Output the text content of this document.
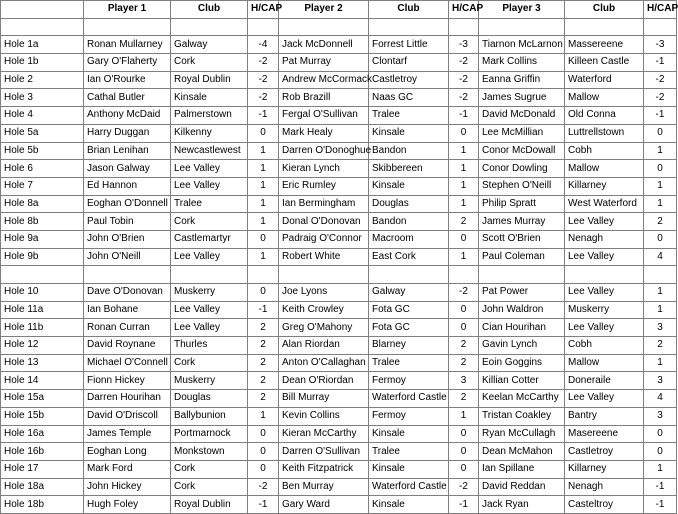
	Player 1	Club	H/CAP	Player 2	Club	H/CAP	Player 3	Club	H/CAP

Hole 1a	Ronan Mullarney	Galway	-4	Jack McDonnell	Forrest Little	-3	Tiarnon McLarnon	Massereene	-3
Hole 1b	Gary O'Flaherty	Cork	-2	Pat Murray	Clontarf	-2	Mark Collins	Killeen Castle	-1
Hole 2	Ian O'Rourke	Royal Dublin	-2	Andrew McCormack	Castletroy	-2	Eanna Griffin	Waterford	-2
Hole 3	Cathal Butler	Kinsale	-2	Rob Brazill	Naas GC	-2	James Sugrue	Mallow	-2
Hole 4	Anthony McDaid	Palmerstown	-1	Fergal O'Sullivan	Tralee	-1	David McDonald	Old Conna	-1
Hole 5a	Harry Duggan	Kilkenny	0	Mark Healy	Kinsale	0	Lee McMillian	Luttrellstown	0
Hole 5b	Brian Lenihan	Newcastlewest	1	Darren O'Donoghue	Bandon	1	Conor McDowall	Cobh	1
Hole 6	Jason Galway	Lee Valley	1	Kieran Lynch	Skibbereen	1	Conor Dowling	Mallow	0
Hole 7	Ed Hannon	Lee Valley	1	Eric Rumley	Kinsale	1	Stephen O'Neill	Killarney	1
Hole 8a	Eoghan O'Donnell	Tralee	1	Ian Bermingham	Douglas	1	Philip Spratt	West Waterford	1
Hole 8b	Paul Tobin	Cork	1	Donal O'Donovan	Bandon	2	James Murray	Lee Valley	2
Hole 9a	John O'Brien	Castlemartyr	0	Padraig O'Connor	Macroom	0	Scott O'Brien	Nenagh	0
Hole 9b	John O'Neill	Lee Valley	1	Robert White	East Cork	1	Paul Coleman	Lee Valley	4

Hole 10	Dave O'Donovan	Muskerry	0	Joe Lyons	Galway	-2	Pat Power	Lee Valley	1
Hole 11a	Ian Bohane	Lee Valley	-1	Keith Crowley	Fota GC	0	John Waldron	Muskerry	1
Hole 11b	Ronan Curran	Lee Valley	2	Greg O'Mahony	Fota GC	0	Cian Hourihan	Lee Valley	3
Hole 12	David Roynane	Thurles	2	Alan Riordan	Blarney	2	Gavin Lynch	Cobh	2
Hole 13	Michael O'Connell	Cork	2	Anton O'Callaghan	Tralee	2	Eoin Goggins	Mallow	1
Hole 14	Fionn Hickey	Muskerry	2	Dean O'Riordan	Fermoy	3	Killian Cotter	Doneraile	3
Hole 15a	Darren Hourihan	Douglas	2	Bill Murray	Waterford Castle	2	Keelan McCarthy	Lee Valley	4
Hole 15b	David O'Driscoll	Ballybunion	1	Kevin Collins	Fermoy	1	Tristan Coakley	Bantry	3
Hole 16a	James Temple	Portmarnock	0	Kieran McCarthy	Kinsale	0	Ryan McCullagh	Masereene	0
Hole 16b	Eoghan Long	Monkstown	0	Darren O'Sullivan	Tralee	0	Dean McMahon	Castletroy	0
Hole 17	Mark Ford	Cork	0	Keith Fitzpatrick	Kinsale	0	Ian Spillane	Killarney	1
Hole 18a	John Hickey	Cork	-2	Ben Murray	Waterford Castle	-2	David Reddan	Nenagh	-1
Hole 18b	Hugh Foley	Royal Dublin	-1	Gary Ward	Kinsale	-1	Jack Ryan	Casteltroy	-1
